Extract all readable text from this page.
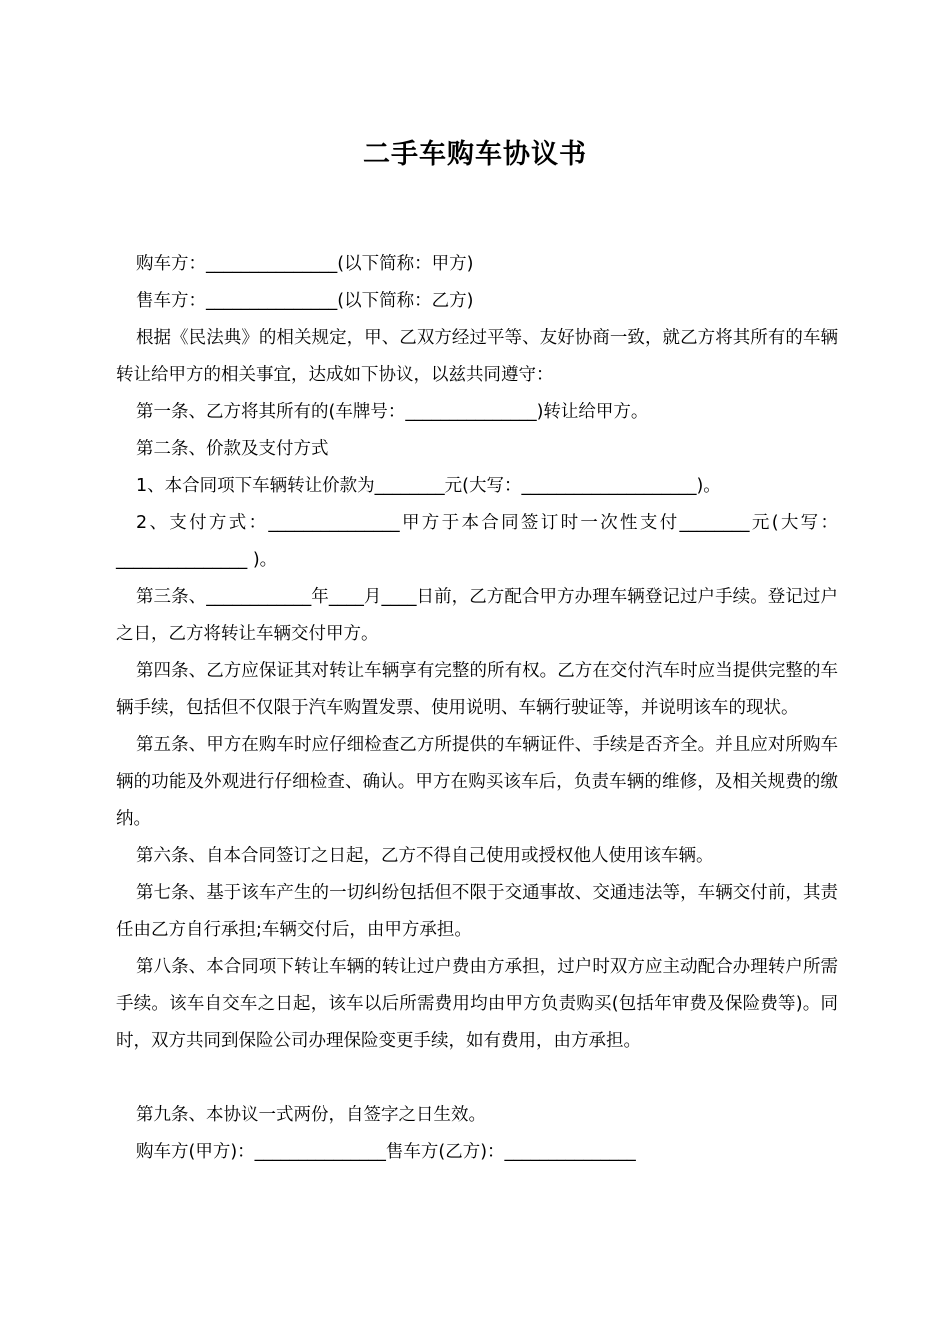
二手车购车协议书

购车方：_______________(以下简称：甲方)

售车方：_______________(以下简称：乙方)

根据《民法典》的相关规定，甲、乙双方经过平等、友好协商一致，就乙方将其所有的车辆转让给甲方的相关事宜，达成如下协议，以兹共同遵守：

第一条、乙方将其所有的(车牌号：_______________)转让给甲方。

第二条、价款及支付方式

1、本合同项下车辆转让价款为________元(大写：____________________)。

2、支付方式：_______________甲方于本合同签订时一次性支付________元(大写：_______________ )。

第三条、____________年____月____日前，乙方配合甲方办理车辆登记过户手续。登记过户之日，乙方将转让车辆交付甲方。

第四条、乙方应保证其对转让车辆享有完整的所有权。乙方在交付汽车时应当提供完整的车辆手续，包括但不仅限于汽车购置发票、使用说明、车辆行驶证等，并说明该车的现状。

第五条、甲方在购车时应仔细检查乙方所提供的车辆证件、手续是否齐全。并且应对所购车辆的功能及外观进行仔细检查、确认。甲方在购买该车后，负责车辆的维修，及相关规费的缴纳。

第六条、自本合同签订之日起，乙方不得自己使用或授权他人使用该车辆。

第七条、基于该车产生的一切纠纷包括但不限于交通事故、交通违法等，车辆交付前，其责任由乙方自行承担;车辆交付后，由甲方承担。

第八条、本合同项下转让车辆的转让过户费由方承担，过户时双方应主动配合办理转户所需手续。该车自交车之日起，该车以后所需费用均由甲方负责购买(包括年审费及保险费等)。同时，双方共同到保险公司办理保险变更手续，如有费用，由方承担。

第九条、本协议一式两份，自签字之日生效。

购车方(甲方)：_______________售车方(乙方)：_______________
